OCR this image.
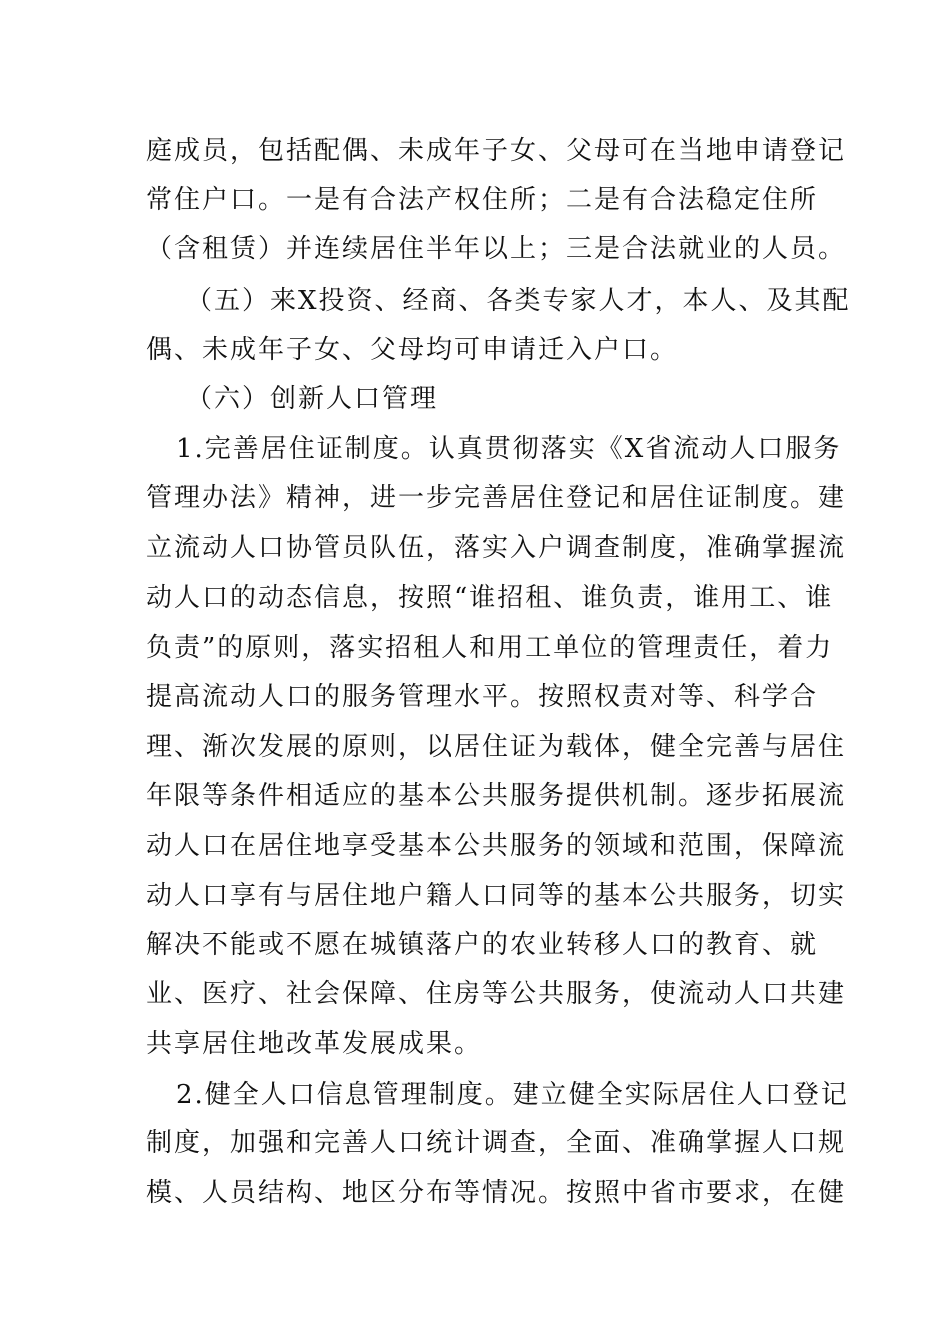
庭成员，包括配偶、未成年子女、父母可在当地申请登记
常住户口。一是有合法产权住所；二是有合法稳定住所
（含租赁）并连续居住半年以上；三是合法就业的人员。
（五）来X投资、经商、各类专家人才，本人、及其配
偶、未成年子女、父母均可申请迁入户口。
（六）创新人口管理
1.完善居住证制度。认真贯彻落实《X省流动人口服务
管理办法》精神，进一步完善居住登记和居住证制度。建
立流动人口协管员队伍，落实入户调查制度，准确掌握流
动人口的动态信息，按照“谁招租、谁负责，谁用工、谁
负责”的原则，落实招租人和用工单位的管理责任，着力
提高流动人口的服务管理水平。按照权责对等、科学合
理、渐次发展的原则，以居住证为载体，健全完善与居住
年限等条件相适应的基本公共服务提供机制。逐步拓展流
动人口在居住地享受基本公共服务的领域和范围，保障流
动人口享有与居住地户籍人口同等的基本公共服务，切实
解决不能或不愿在城镇落户的农业转移人口的教育、就
业、医疗、社会保障、住房等公共服务，使流动人口共建
共享居住地改革发展成果。
2.健全人口信息管理制度。建立健全实际居住人口登记
制度，加强和完善人口统计调查，全面、准确掌握人口规
模、人员结构、地区分布等情况。按照中省市要求，在健
